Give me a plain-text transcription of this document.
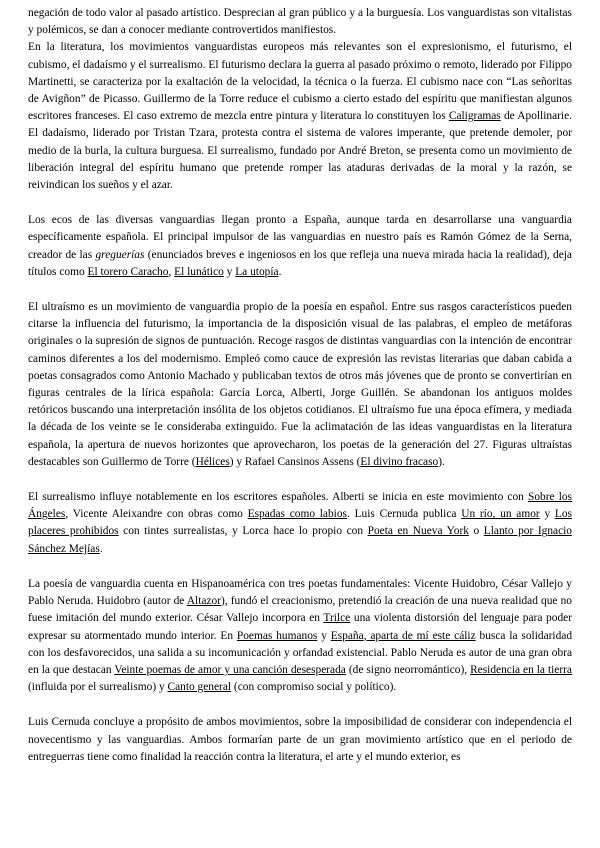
negación de todo valor al pasado artístico. Desprecian al gran público y a la burguesía. Los vanguardistas son vitalistas y polémicos, se dan a conocer mediante controvertidos manifiestos.

En la literatura, los movimientos vanguardistas europeos más relevantes son el expresionismo, el futurismo, el cubismo, el dadaísmo y el surrealismo. El futurismo declara la guerra al pasado próximo o remoto, liderado por Filippo Martinetti, se caracteriza por la exaltación de la velocidad, la técnica o la fuerza. El cubismo nace con “Las señoritas de Avigñon” de Picasso. Guillermo de la Torre reduce el cubismo a cierto estado del espíritu que manifiestan algunos escritores franceses. El caso extremo de mezcla entre pintura y literatura lo constituyen los Caligramas de Apollinarie. El dadaísmo, liderado por Tristan Tzara, protesta contra el sistema de valores imperante, que pretende demoler, por medio de la burla, la cultura burguesa. El surrealismo, fundado por André Breton, se presenta como un movimiento de liberación integral del espíritu humano que pretende romper las ataduras derivadas de la moral y la razón, se reivindican los sueños y el azar.

Los ecos de las diversas vanguardias llegan pronto a España, aunque tarda en desarrollarse una vanguardia específicamente española. El principal impulsor de las vanguardias en nuestro país es Ramón Gómez de la Serna, creador de las greguerías (enunciados breves e ingeniosos en los que refleja una nueva mirada hacia la realidad), deja títulos como El torero Caracho, El lunático y La utopía.

El ultraísmo es un movimiento de vanguardia propio de la poesía en español. Entre sus rasgos característicos pueden citarse la influencia del futurismo, la importancia de la disposición visual de las palabras, el empleo de metáforas originales o la supresión de signos de puntuación. Recoge rasgos de distintas vanguardias con la intención de encontrar caminos diferentes a los del modernismo. Empleó como cauce de expresión las revistas literarias que daban cabida a poetas consagrados como Antonio Machado y publicaban textos de otros más jóvenes que de pronto se convertirían en figuras centrales de la lírica española: García Lorca, Alberti, Jorge Guillén. Se abandonan los antiguos moldes retóricos buscando una interpretación insólita de los objetos cotidianos. El ultraísmo fue una época efímera, y mediada la década de los veinte se le consideraba extinguido. Fue la aclimatación de las ideas vanguardistas en la literatura española, la apertura de nuevos horizontes que aprovecharon, los poetas de la generación del 27. Figuras ultraístas destacables son Guillermo de Torre (Hélices) y Rafael Cansinos Assens (El divino fracaso).

El surrealismo influye notablemente en los escritores españoles. Alberti se inicia en este movimiento con Sobre los Ángeles, Vicente Aleixandre con obras como Espadas como labios. Luis Cernuda publica Un río, un amor y Los placeres prohibidos con tintes surrealistas, y Lorca hace lo propio con Poeta en Nueva York o Llanto por Ignacio Sánchez Mejías.

La poesía de vanguardia cuenta en Hispanoamérica con tres poetas fundamentales: Vicente Huidobro, César Vallejo y Pablo Neruda. Huidobro (autor de Altazor), fundó el creacionismo, pretendió la creación de una nueva realidad que no fuese imitación del mundo exterior. César Vallejo incorpora en Trilce una violenta distorsión del lenguaje para poder expresar su atormentado mundo interior. En Poemas humanos y España, aparta de mí este cáliz busca la solidaridad con los desfavorecidos, una salida a su incomunicación y orfandad existencial. Pablo Neruda es autor de una gran obra en la que destacan Veinte poemas de amor y una canción desesperada (de signo neorromántico), Residencia en la tierra (influida por el surrealismo) y Canto general (con compromiso social y político).

Luis Cernuda concluye a propósito de ambos movimientos, sobre la imposibilidad de considerar con independencia el novecentismo y las vanguardias. Ambos formarían parte de un gran movimiento artístico que en el periodo de entreguerras tiene como finalidad la reacción contra la literatura, el arte y el mundo exterior, es
